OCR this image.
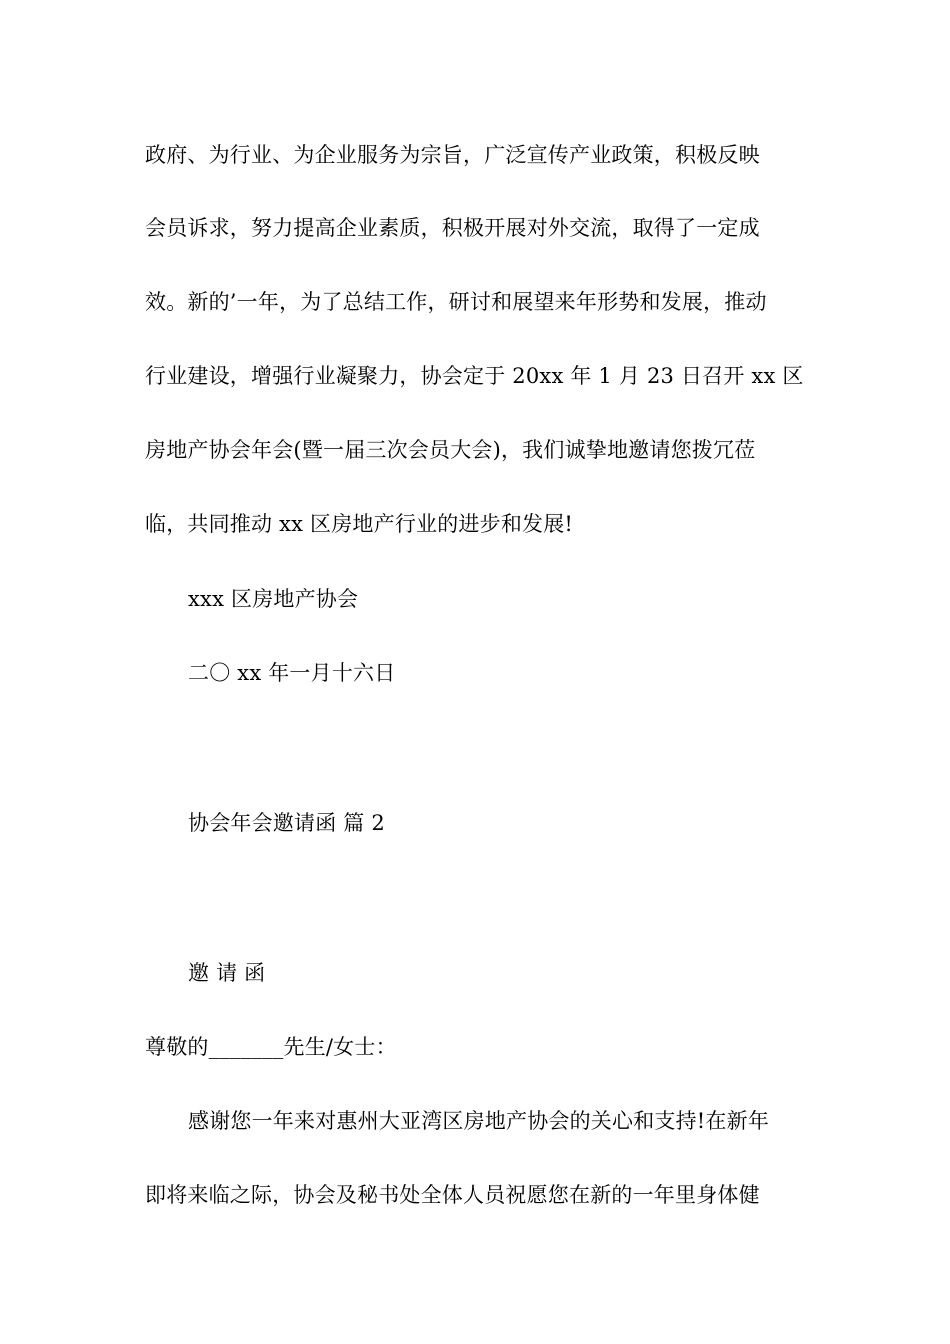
政府、为行业、为企业服务为宗旨，广泛宣传产业政策，积极反映
会员诉求，努力提高企业素质，积极开展对外交流，取得了一定成
效。新的’一年，为了总结工作，研讨和展望来年形势和发展，推动
行业建设，增强行业凝聚力，协会定于 20xx 年 1 月 23 日召开 xx 区
房地产协会年会(暨一届三次会员大会)，我们诚挚地邀请您拨冗莅
临，共同推动 xx 区房地产行业的进步和发展!
xxx 区房地产协会
二〇 xx 年一月十六日
协会年会邀请函 篇 2
邀 请 函
尊敬的_______先生/女士：
感谢您一年来对惠州大亚湾区房地产协会的关心和支持!在新年
即将来临之际，协会及秘书处全体人员祝愿您在新的一年里身体健
